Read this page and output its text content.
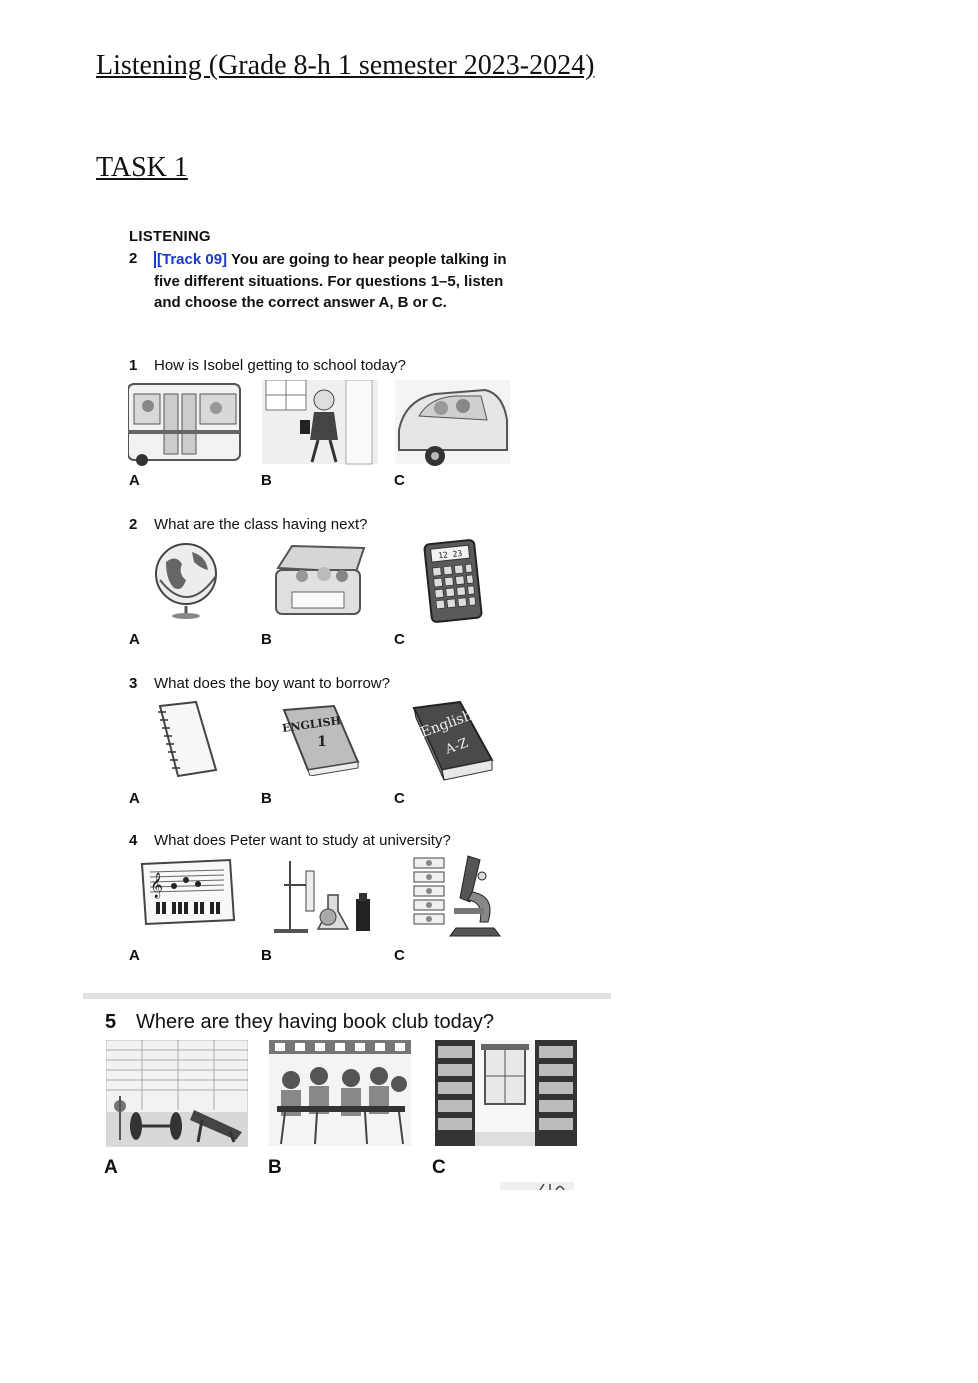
Listening (Grade 8-h 1 semester 2023-2024)
TASK 1
LISTENING
2 [Track 09] You are going to hear people talking in five different situations. For questions 1–5, listen and choose the correct answer A, B or C.
1 How is Isobel getting to school today?
A	B	C
2 What are the class having next?
12 23
A	B	C
3 What does the boy want to borrow?
ENGLISH
1
English
A-Z
A	B	C
4 What does Peter want to study at university?
𝄞
A	B	C
5 Where are they having book club today?
A	B	C
